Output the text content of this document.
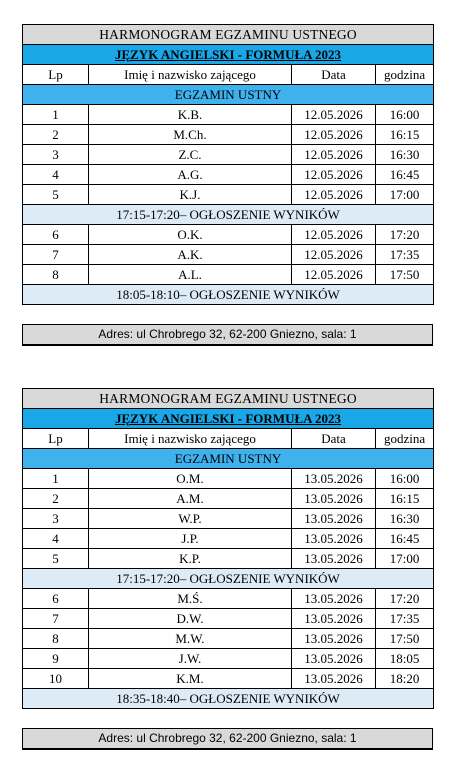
HARMONOGRAM EGZAMINU USTNEGO			
JĘZYK ANGIELSKI - FORMUŁA 2023			
Lp	Imię i nazwisko zającego	Data	godzina
EGZAMIN USTNY			
1	K.B.	12.05.2026	16:00
2	M.Ch.	12.05.2026	16:15
3	Z.C.	12.05.2026	16:30
4	A.G.	12.05.2026	16:45
5	K.J.	12.05.2026	17:00
17:15-17:20– OGŁOSZENIE WYNIKÓW			
6	O.K.	12.05.2026	17:20
7	A.K.	12.05.2026	17:35
8	A.L.	12.05.2026	17:50
18:05-18:10– OGŁOSZENIE WYNIKÓW			
Adres: ul Chrobrego 32, 62-200 Gniezno, sala: 1
HARMONOGRAM EGZAMINU USTNEGO			
JĘZYK ANGIELSKI - FORMUŁA 2023			
Lp	Imię i nazwisko zającego	Data	godzina
EGZAMIN USTNY			
1	O.M.	13.05.2026	16:00
2	A.M.	13.05.2026	16:15
3	W.P.	13.05.2026	16:30
4	J.P.	13.05.2026	16:45
5	K.P.	13.05.2026	17:00
17:15-17:20– OGŁOSZENIE WYNIKÓW			
6	M.Ś.	13.05.2026	17:20
7	D.W.	13.05.2026	17:35
8	M.W.	13.05.2026	17:50
9	J.W.	13.05.2026	18:05
10	K.M.	13.05.2026	18:20
18:35-18:40– OGŁOSZENIE WYNIKÓW			
Adres: ul Chrobrego 32, 62-200 Gniezno, sala: 1
